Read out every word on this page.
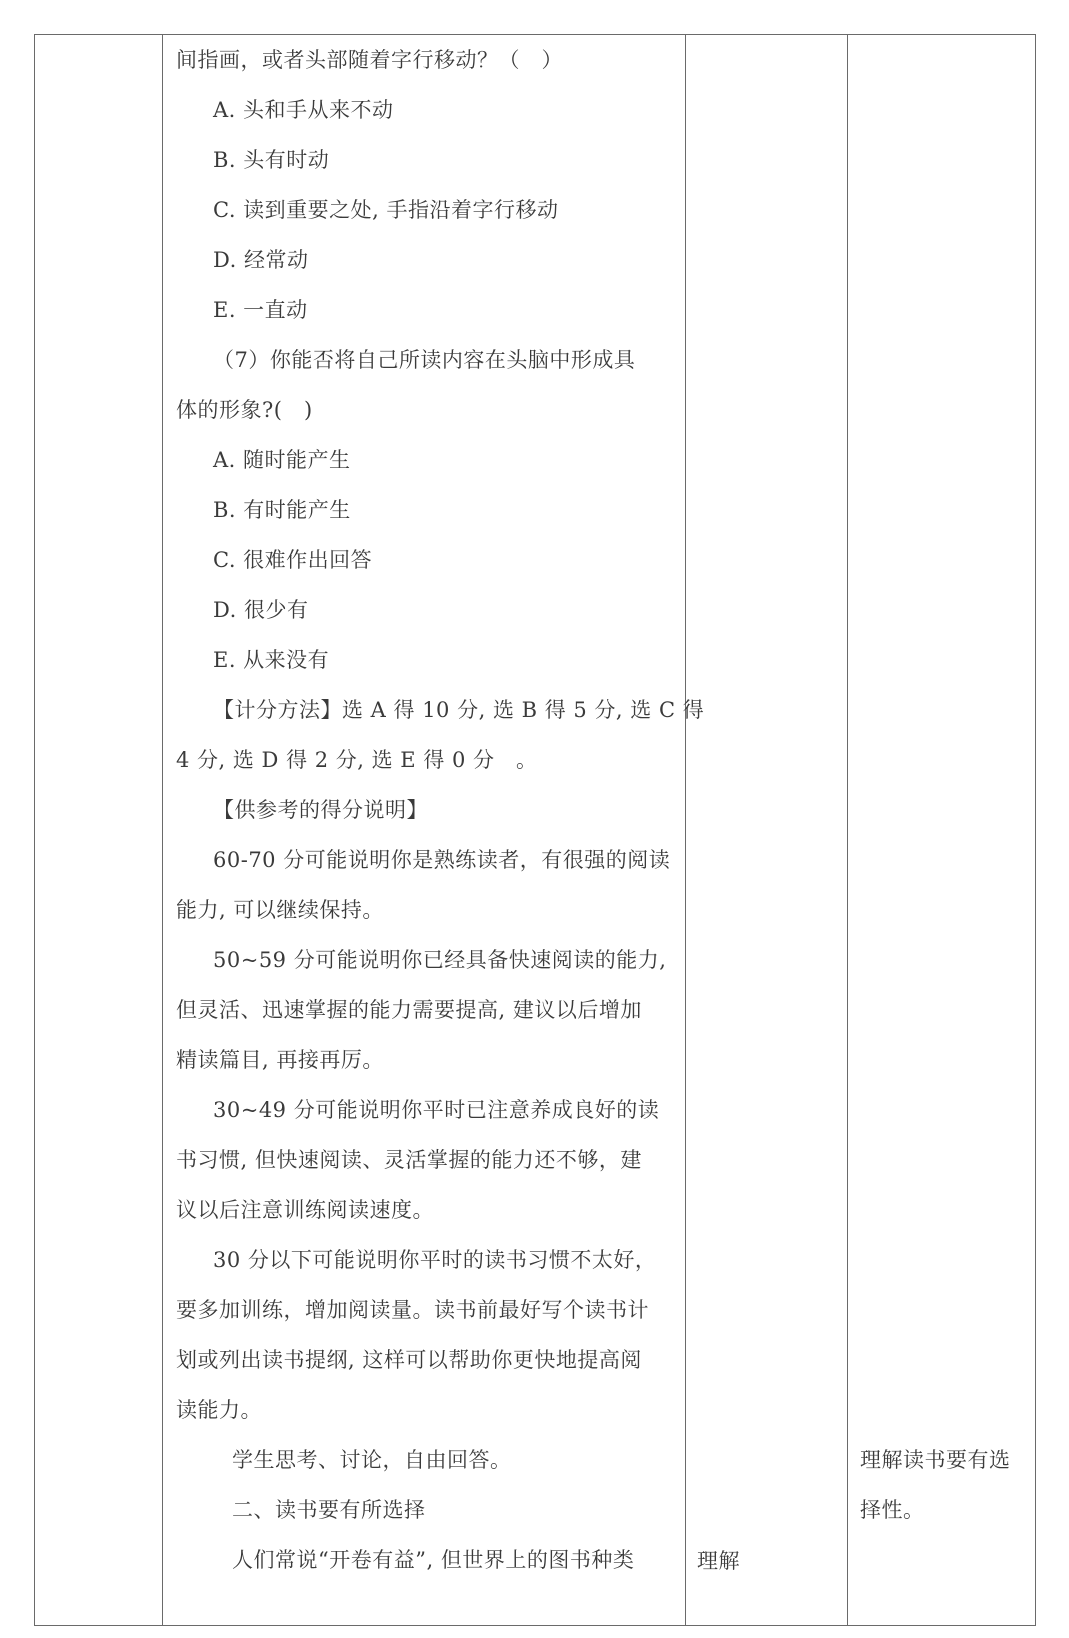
间指画，或者头部随着字行移动？（　）
A. 头和手从来不动
B. 头有时动
C. 读到重要之处, 手指沿着字行移动
D. 经常动
E. 一直动
（7）你能否将自己所读内容在头脑中形成具
体的形象?(　)
A. 随时能产生
B. 有时能产生
C. 很难作出回答
D. 很少有
E. 从来没有
【计分方法】选 A 得 10 分, 选 B 得 5 分, 选 C 得
4 分, 选 D 得 2 分, 选 E 得 0 分　。
【供参考的得分说明】
60-70 分可能说明你是熟练读者，有很强的阅读
能力, 可以继续保持。
50~59 分可能说明你已经具备快速阅读的能力,
但灵活、迅速掌握的能力需要提高, 建议以后增加
精读篇目, 再接再厉。
30~49 分可能说明你平时已注意养成良好的读
书习惯, 但快速阅读、灵活掌握的能力还不够，建
议以后注意训练阅读速度。
30 分以下可能说明你平时的读书习惯不太好，
要多加训练，增加阅读量。读书前最好写个读书计
划或列出读书提纲, 这样可以帮助你更快地提高阅
读能力。
学生思考、讨论，自由回答。
二、读书要有所选择
人们常说“开卷有益”, 但世界上的图书种类	理解
理解读书要有选
择性。
